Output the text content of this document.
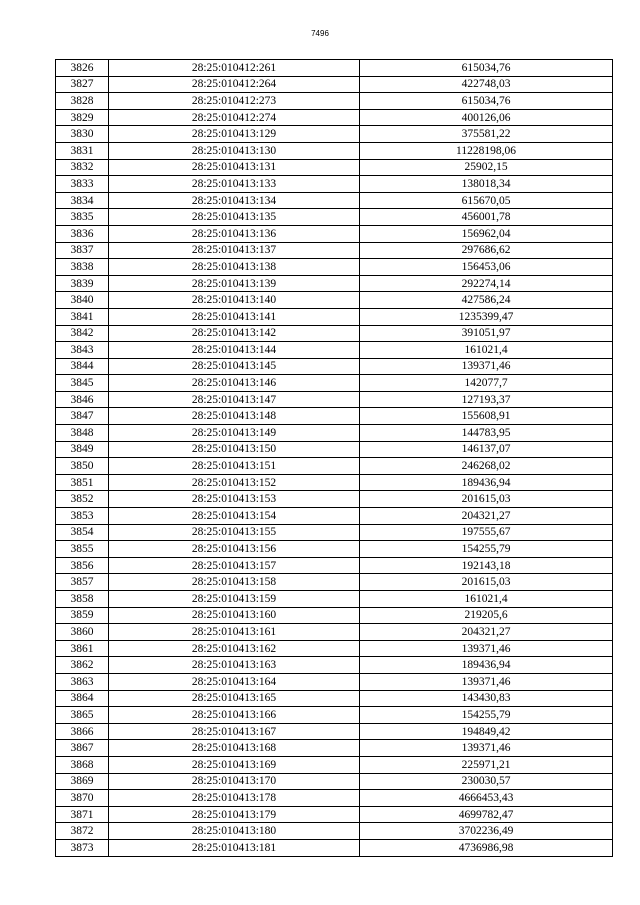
7496
3826	28:25:010412:261	615034,76
3827	28:25:010412:264	422748,03
3828	28:25:010412:273	615034,76
3829	28:25:010412:274	400126,06
3830	28:25:010413:129	375581,22
3831	28:25:010413:130	11228198,06
3832	28:25:010413:131	25902,15
3833	28:25:010413:133	138018,34
3834	28:25:010413:134	615670,05
3835	28:25:010413:135	456001,78
3836	28:25:010413:136	156962,04
3837	28:25:010413:137	297686,62
3838	28:25:010413:138	156453,06
3839	28:25:010413:139	292274,14
3840	28:25:010413:140	427586,24
3841	28:25:010413:141	1235399,47
3842	28:25:010413:142	391051,97
3843	28:25:010413:144	161021,4
3844	28:25:010413:145	139371,46
3845	28:25:010413:146	142077,7
3846	28:25:010413:147	127193,37
3847	28:25:010413:148	155608,91
3848	28:25:010413:149	144783,95
3849	28:25:010413:150	146137,07
3850	28:25:010413:151	246268,02
3851	28:25:010413:152	189436,94
3852	28:25:010413:153	201615,03
3853	28:25:010413:154	204321,27
3854	28:25:010413:155	197555,67
3855	28:25:010413:156	154255,79
3856	28:25:010413:157	192143,18
3857	28:25:010413:158	201615,03
3858	28:25:010413:159	161021,4
3859	28:25:010413:160	219205,6
3860	28:25:010413:161	204321,27
3861	28:25:010413:162	139371,46
3862	28:25:010413:163	189436,94
3863	28:25:010413:164	139371,46
3864	28:25:010413:165	143430,83
3865	28:25:010413:166	154255,79
3866	28:25:010413:167	194849,42
3867	28:25:010413:168	139371,46
3868	28:25:010413:169	225971,21
3869	28:25:010413:170	230030,57
3870	28:25:010413:178	4666453,43
3871	28:25:010413:179	4699782,47
3872	28:25:010413:180	3702236,49
3873	28:25:010413:181	4736986,98
